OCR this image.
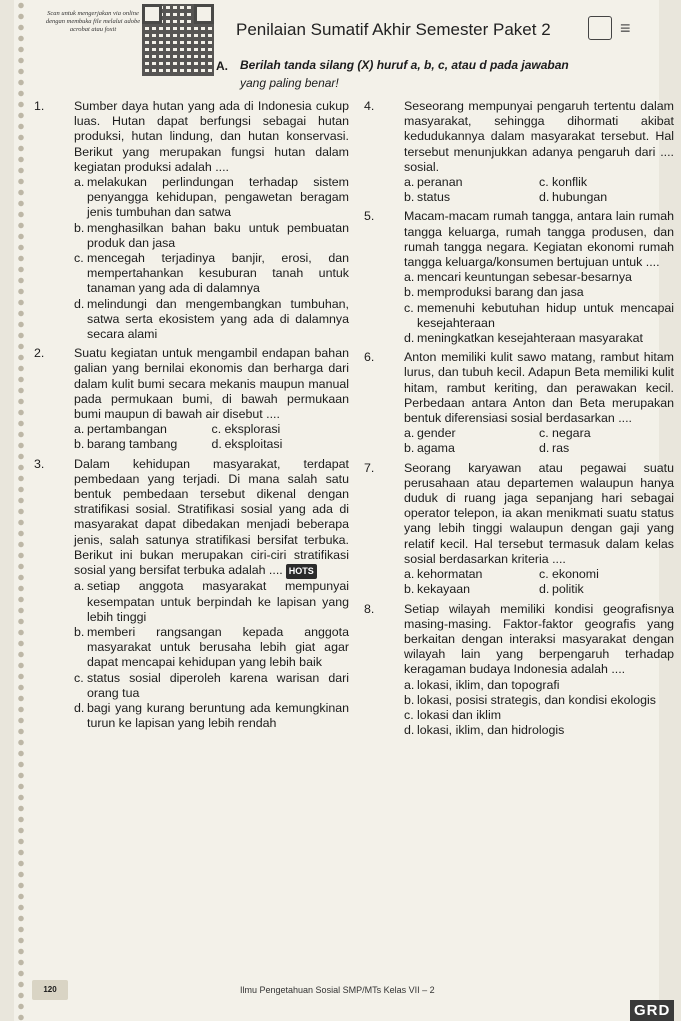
Scan untuk mengerjakan via online dengan membuka file melalui adobe acrobat atau foxit	Penilaian Sumatif Akhir Semester Paket 2	≡
A. Berilah tanda silang (X) huruf a, b, c, atau d pada jawaban
yang paling benar!
1.	Sumber daya hutan yang ada di Indonesia cukup luas. Hutan dapat berfungsi sebagai hutan produksi, hutan lindung, dan hutan konservasi. Berikut yang merupakan fungsi hutan dalam kegiatan produksi adalah ....
a. melakukan perlindungan terhadap sistem penyangga kehidupan, pengawetan beragam jenis tumbuhan dan satwa
b. menghasilkan bahan baku untuk pembuatan produk dan jasa
c. mencegah terjadinya banjir, erosi, dan mempertahankan kesuburan tanah untuk tanaman yang ada di dalamnya
d. melindungi dan mengembangkan tumbuhan, satwa serta ekosistem yang ada di dalamnya secara alami
2.	Suatu kegiatan untuk mengambil endapan bahan galian yang bernilai ekonomis dan berharga dari dalam kulit bumi secara mekanis maupun manual pada permukaan bumi, di bawah permukaan bumi maupun di bawah air disebut ....
a. pertambangan	c. eksplorasi
b. barang tambang	d. eksploitasi
3.	Dalam kehidupan masyarakat, terdapat pembedaan yang terjadi. Di mana salah satu bentuk pembedaan tersebut dikenal dengan stratifikasi sosial. Stratifikasi sosial yang ada di masyarakat dapat dibedakan menjadi beberapa jenis, salah satunya stratifikasi bersifat terbuka. Berikut ini bukan merupakan ciri-ciri stratifikasi sosial yang bersifat terbuka adalah .... HOTS
a. setiap anggota masyarakat mempunyai kesempatan untuk berpindah ke lapisan yang lebih tinggi
b. memberi rangsangan kepada anggota masyarakat untuk berusaha lebih giat agar dapat mencapai kehidupan yang lebih baik
c. status sosial diperoleh karena warisan dari orang tua
d. bagi yang kurang beruntung ada kemungkinan turun ke lapisan yang lebih rendah
4.	Seseorang mempunyai pengaruh tertentu dalam masyarakat, sehingga dihormati akibat kedudukannya dalam masyarakat tersebut. Hal tersebut menunjukkan adanya pengaruh dari .... sosial.
a. peranan	c. konflik
b. status	d. hubungan
5.	Macam-macam rumah tangga, antara lain rumah tangga keluarga, rumah tangga produsen, dan rumah tangga negara. Kegiatan ekonomi rumah tangga keluarga/konsumen bertujuan untuk ....
a. mencari keuntungan sebesar-besarnya
b. memproduksi barang dan jasa
c. memenuhi kebutuhan hidup untuk mencapai kesejahteraan
d. meningkatkan kesejahteraan masyarakat
6.	Anton memiliki kulit sawo matang, rambut hitam lurus, dan tubuh kecil. Adapun Beta memiliki kulit hitam, rambut keriting, dan perawakan kecil. Perbedaan antara Anton dan Beta merupakan bentuk diferensiasi sosial berdasarkan ....
a. gender	c. negara
b. agama	d. ras
7.	Seorang karyawan atau pegawai suatu perusahaan atau departemen walaupun hanya duduk di ruang jaga sepanjang hari sebagai operator telepon, ia akan menikmati suatu status yang lebih tinggi walaupun dengan gaji yang relatif kecil. Hal tersebut termasuk dalam kelas sosial berdasarkan kriteria ....
a. kehormatan	c. ekonomi
b. kekayaan	d. politik
8.	Setiap wilayah memiliki kondisi geografisnya masing-masing. Faktor-faktor geografis yang berkaitan dengan interaksi masyarakat dengan wilayah lain yang berpengaruh terhadap keragaman budaya Indonesia adalah ....
a. lokasi, iklim, dan topografi
b. lokasi, posisi strategis, dan kondisi ekologis
c. lokasi dan iklim
d. lokasi, iklim, dan hidrologis
120	Ilmu Pengetahuan Sosial SMP/MTs Kelas VII – 2
GRD
